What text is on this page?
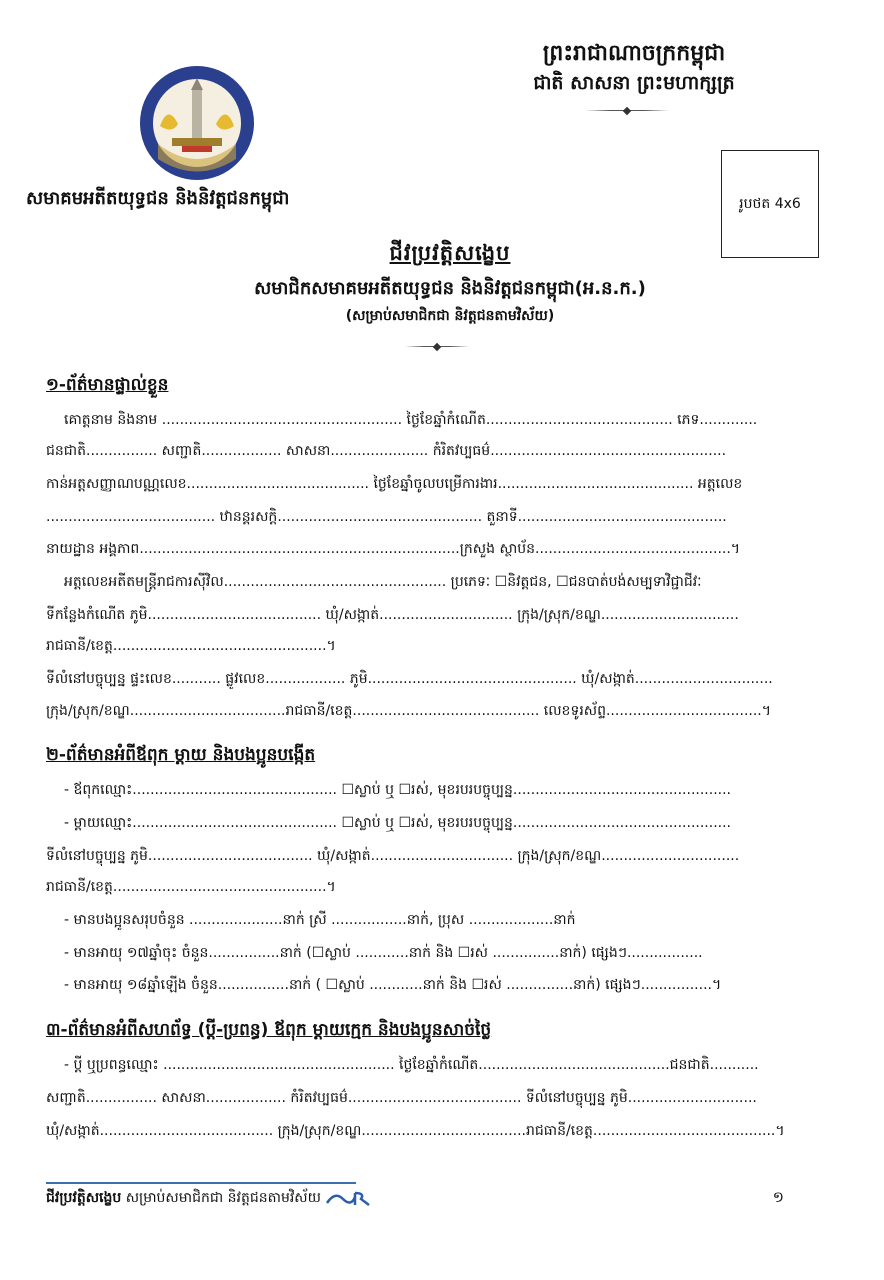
ព្រះរាជាណាចក្រកម្ពុជា
ជាតិ សាសនា ព្រះមហាក្សត្រ
សមាគមអតីតយុទ្ធជន និងនិវត្តជនកម្ពុជា	រូបថត 4x6
ជីវប្រវត្តិសង្ខេប
សមាជិកសមាគមអតីតយុទ្ធជន និងនិវត្តជនកម្ពុជា(អ.ន.ក.)
(សម្រាប់សមាជិកជា និវត្តជនតាមវិស័យ)
១-ព័ត៌មានផ្ទាល់ខ្លួន
គោត្តនាម និងនាម ...................................................... ថ្ងៃខែឆ្នាំកំណើត.......................................... ភេទ.............
ជនជាតិ................ សញ្ជាតិ.................. សាសនា...................... កំរិតវប្បធម៌.....................................................
កាន់អត្តសញ្ញាណបណ្ណលេខ......................................... ថ្ងៃខែឆ្នាំចូលបម្រើការងារ............................................ អត្តលេខ
...................................... ឋានន្តរសក្តិ.............................................. តួនាទី...............................................
នាយដ្ឋាន អង្គភាព........................................................................ក្រសួង ស្ថាប័ន............................................។
អត្តលេខអតីតមន្ត្រីរាជការស៊ីវិល.................................................. ប្រភេទៈ ☐និវត្តជន, ☐ជនបាត់បង់សម្បទាវិជ្ជាជីវៈ
ទីកន្លែងកំណើត ភូមិ....................................... ឃុំ/សង្កាត់.............................. ក្រុង/ស្រុក/ខណ្ឌ...............................
រាជធានី/ខេត្ត................................................។
ទីលំនៅបច្ចុប្បន្ន ផ្ទះលេខ........... ផ្លូវលេខ.................. ភូមិ............................................... ឃុំ/សង្កាត់...............................
ក្រុង/ស្រុក/ខណ្ឌ...................................រាជធានី/ខេត្ត.......................................... លេខទូរស័ព្ទ...................................។
២-ព័ត៌មានអំពីឪពុក ម្តាយ និងបងប្អូនបង្កើត
- ឪពុកឈ្មោះ.............................................. ☐ស្លាប់ ឬ ☐រស់, មុខរបរបច្ចុប្បន្ន.................................................
- ម្តាយឈ្មោះ.............................................. ☐ស្លាប់ ឬ ☐រស់, មុខរបរបច្ចុប្បន្ន.................................................
ទីលំនៅបច្ចុប្បន្ន ភូមិ..................................... ឃុំ/សង្កាត់................................ ក្រុង/ស្រុក/ខណ្ឌ...............................
រាជធានី/ខេត្ត................................................។
- មានបងប្អូនសរុបចំនួន .....................នាក់ ស្រី .................នាក់, ប្រុស ...................នាក់
- មានអាយុ ១៧ឆ្នាំចុះ ចំនួន................នាក់ (☐ស្លាប់ ............នាក់ និង ☐រស់ ...............នាក់) ផ្សេងៗ.................
- មានអាយុ ១៨ឆ្នាំឡើង ចំនួន................នាក់ ( ☐ស្លាប់ ............នាក់ និង ☐រស់ ...............នាក់) ផ្សេងៗ................។
៣-ព័ត៌មានអំពីសហព័ទ្ធ (ប្តី-ប្រពន្ធ) ឪពុក ម្តាយក្មេក និងបងប្អូនសាច់ថ្លៃ
- ប្តី ឬប្រពន្ធឈ្មោះ .................................................... ថ្ងៃខែឆ្នាំកំណើត...........................................ជនជាតិ...........
សញ្ជាតិ................ សាសនា.................. កំរិតវប្បធម៌....................................... ទីលំនៅបច្ចុប្បន្ន ភូមិ.............................
ឃុំ/សង្កាត់....................................... ក្រុង/ស្រុក/ខណ្ឌ.....................................រាជធានី/ខេត្ត.........................................។
ជីវប្រវត្តិសង្ខេប សម្រាប់សមាជិកជា និវត្តជនតាមវិស័យ	១
